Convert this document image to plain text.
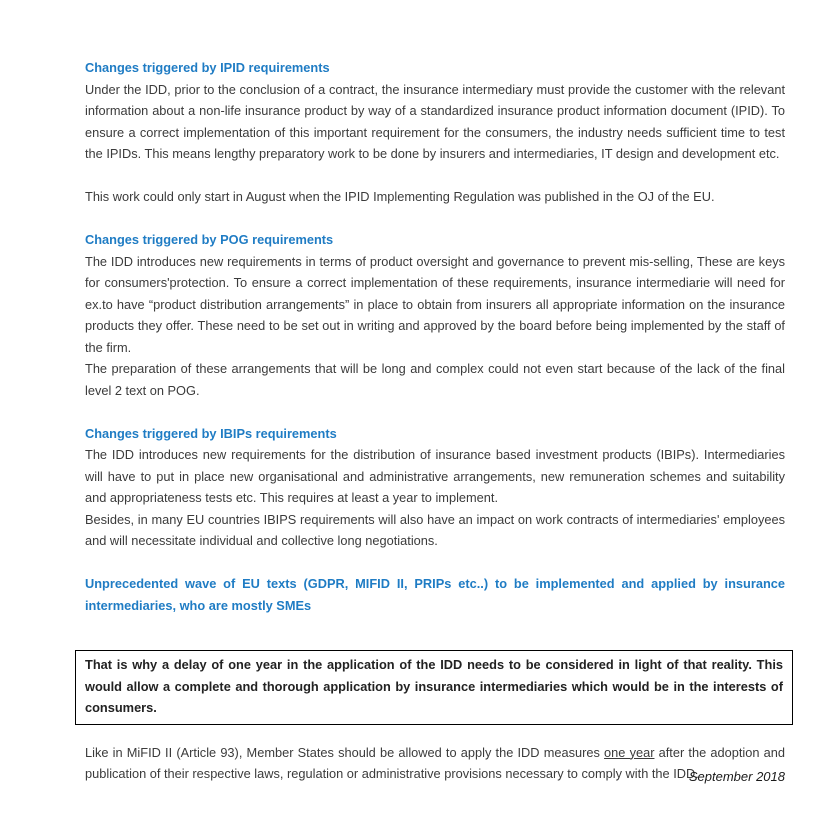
Changes triggered by IPID requirements

Under the IDD, prior to the conclusion of a contract, the insurance intermediary must provide the customer with the relevant information about a non-life insurance product by way of a standardized insurance product information document (IPID). To ensure a correct implementation of this important requirement for the consumers, the industry needs sufficient time to test the IPIDs. This means lengthy preparatory work to be done by insurers and intermediaries, IT design and development etc.

This work could only start in August when the IPID Implementing Regulation was published in the OJ of the EU.

Changes triggered by POG requirements

The IDD introduces new requirements in terms of product oversight and governance to prevent mis-selling, These are keys for consumers'protection. To ensure a correct implementation of these requirements, insurance intermediarie will need for ex.to have “product distribution arrangements” in place to obtain from insurers all appropriate information on the insurance products they offer. These need to be set out in writing and approved by the board before being implemented by the staff of the firm.

The preparation of these arrangements that will be long and complex could not even start because of the lack of the final level 2 text on POG.

Changes triggered by IBIPs requirements

The IDD introduces new requirements for the distribution of insurance based investment products (IBIPs). Intermediaries will have to put in place new organisational and administrative arrangements, new remuneration schemes and suitability and appropriateness tests etc. This requires at least a year to implement.

Besides, in many EU countries IBIPS requirements will also have an impact on work contracts of intermediaries' employees and will necessitate individual and collective long negotiations.

Unprecedented wave of EU texts (GDPR, MIFID II, PRIPs etc..) to be implemented and applied by insurance intermediaries, who are mostly SMEs
That is why a delay of one year in the application of the IDD needs to be considered in light of that reality. This would allow a complete and thorough application by insurance intermediaries which would be in the interests of consumers.

Like in MiFID II (Article 93), Member States should be allowed to apply the IDD measures one year after the adoption and publication of their respective laws, regulation or administrative provisions necessary to comply with the IDD.

September 2018
